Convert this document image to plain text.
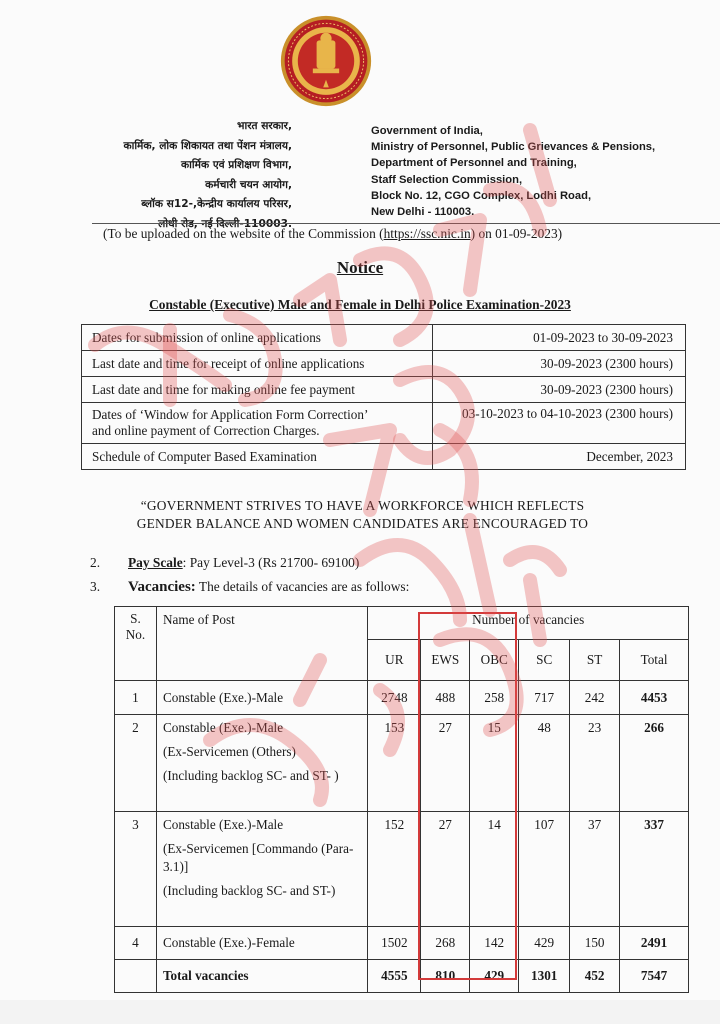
भारत सरकार,
कार्मिक, लोक शिकायत तथा पेंशन मंत्रालय,
कार्मिक एवं प्रशिक्षण विभाग,
कर्मचारी चयन आयोग,
ब्लॉक स12-,केन्द्रीय कार्यालय परिसर,
लोधी रोड, नई दिल्ली-110003.
Government of India,
Ministry of Personnel, Public Grievances & Pensions,
Department of Personnel and Training,
Staff Selection Commission,
Block No. 12, CGO Complex, Lodhi Road,
New Delhi - 110003.
(To be uploaded on the website of the Commission (https://ssc.nic.in) on 01-09-2023)
Notice
Constable (Executive) Male and Female in Delhi Police Examination-2023
Dates for submission of online applications	01-09-2023 to 30-09-2023
Last date and time for receipt of online applications	30-09-2023 (2300 hours)
Last date and time for making online fee payment	30-09-2023 (2300 hours)
Dates of ‘Window for Application Form Correction’
and online payment of Correction Charges.	03-10-2023 to 04-10-2023 (2300 hours)
Schedule of Computer Based Examination	December, 2023
“GOVERNMENT STRIVES TO HAVE A WORKFORCE WHICH REFLECTS
GENDER BALANCE AND WOMEN CANDIDATES ARE ENCOURAGED TO
2. Pay Scale: Pay Level-3 (Rs 21700- 69100)
3. Vacancies: The details of vacancies are as follows:
S. No.	Name of Post	Number of vacancies					
		UR	EWS	OBC	SC	ST	Total
1	Constable (Exe.)-Male	2748	488	258	717	242	4453
2	Constable (Exe.)-Male
(Ex-Servicemen (Others)
(Including backlog SC- and ST- )	153	27	15	48	23	266
3	Constable (Exe.)-Male
(Ex-Servicemen [Commando (Para-3.1)]
(Including backlog SC- and ST-)	152	27	14	107	37	337
4	Constable (Exe.)-Female	1502	268	142	429	150	2491
	Total vacancies	4555	810	429	1301	452	7547
